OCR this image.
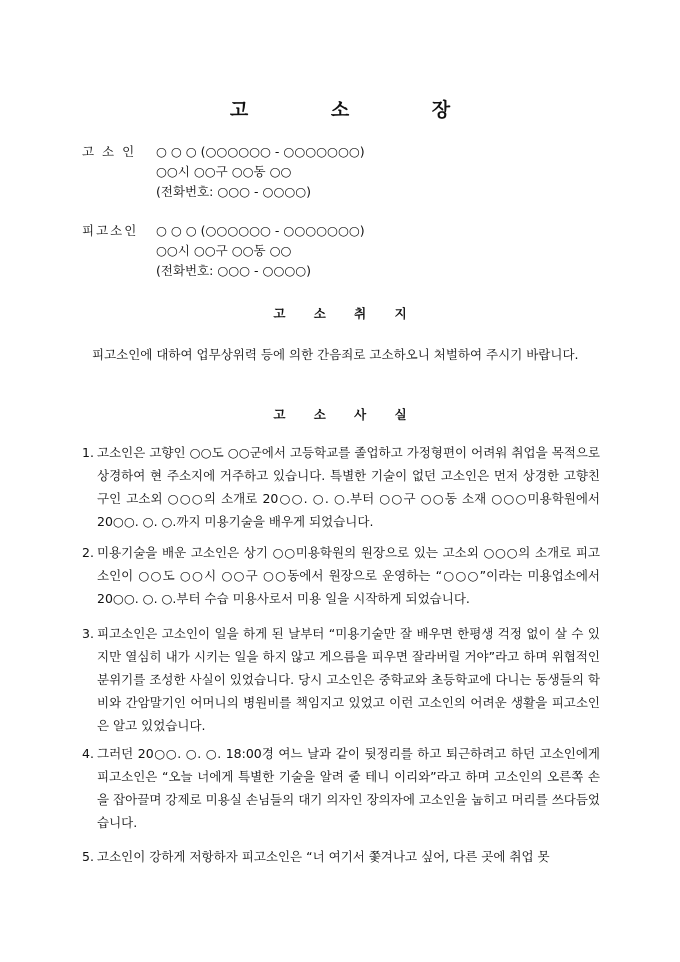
고 소 장
고 소 인 ○ ○ ○ (○○○○○○ - ○○○○○○○)
○○시 ○○구 ○○동 ○○
(전화번호: ○○○ - ○○○○)
피고소인 ○ ○ ○ (○○○○○○ - ○○○○○○○)
○○시 ○○구 ○○동 ○○
(전화번호: ○○○ - ○○○○)
고 소 취 지
피고소인에 대하여 업무상위력 등에 의한 간음죄로 고소하오니 처벌하여 주시기 바랍니다.
고 소 사 실
1. 고소인은 고향인 ○○도 ○○군에서 고등학교를 졸업하고 가정형편이 어려워 취업을 목적으로 상경하여 현 주소지에 거주하고 있습니다. 특별한 기술이 없던 고소인은 먼저 상경한 고향친구인 고소외 ○○○의 소개로 20○○. ○. ○.부터 ○○구 ○○동 소재 ○○○미용학원에서 20○○. ○. ○.까지 미용기술을 배우게 되었습니다.
2. 미용기술을 배운 고소인은 상기 ○○미용학원의 원장으로 있는 고소외 ○○○의 소개로 피고소인이 ○○도 ○○시 ○○구 ○○동에서 원장으로 운영하는 “○○○”이라는 미용업소에서 20○○. ○. ○.부터 수습 미용사로서 미용 일을 시작하게 되었습니다.
3. 피고소인은 고소인이 일을 하게 된 날부터 “미용기술만 잘 배우면 한평생 걱정 없이 살 수 있지만 열심히 내가 시키는 일을 하지 않고 게으름을 피우면 잘라버릴 거야”라고 하며 위협적인 분위기를 조성한 사실이 있었습니다. 당시 고소인은 중학교와 초등학교에 다니는 동생들의 학비와 간암말기인 어머니의 병원비를 책임지고 있었고 이런 고소인의 어려운 생활을 피고소인은 알고 있었습니다.
4. 그러던 20○○. ○. ○. 18:00경 여느 날과 같이 뒷정리를 하고 퇴근하려고 하던 고소인에게 피고소인은 “오늘 너에게 특별한 기술을 알려 줄 테니 이리와”라고 하며 고소인의 오른쪽 손을 잡아끌며 강제로 미용실 손님들의 대기 의자인 장의자에 고소인을 눕히고 머리를 쓰다듬었습니다.
5. 고소인이 강하게 저항하자 피고소인은 “너 여기서 쫓겨나고 싶어, 다른 곳에 취업 못
